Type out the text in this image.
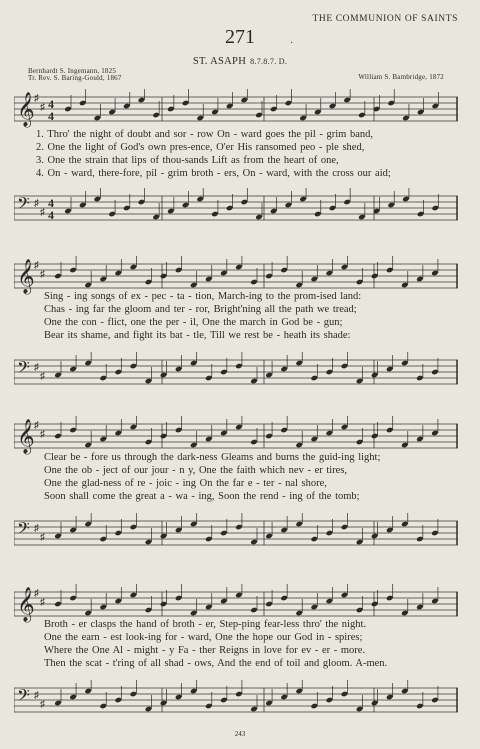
THE COMMUNION OF SAINTS
271	·
ST. ASAPH 8.7.8.7. D.
Bernhardt S. Ingemann, 1825
Tr. Rev. S. Baring-Gould, 1867	William S. Bambridge, 1872
𝄞 ♯
♯ 4
4
1. Thro' the night of doubt and sor - row On - ward goes the pil - grim band,
2. One the light of God's own pres-ence, O'er His ransomed peo - ple shed,
3. One the strain that lips of thou-sands Lift as from the heart of one,
4. On - ward, there-fore, pil - grim broth - ers, On - ward, with the cross our aid;
𝄢 ♯
♯
4
4
𝄞 ♯
♯
Sing - ing songs of ex - pec - ta - tion, March-ing to the prom-ised land:
Chas - ing far the gloom and ter - ror, Bright'ning all the path we tread;
One the con - flict, one the per - il, One the march in God be - gun;
Bear its shame, and fight its bat - tle, Till we rest be - heath its shade:
𝄢 ♯
♯
𝄞 ♯
♯
Clear be - fore us through the dark-ness Gleams and burns the guid-ing light;
One the ob - ject of our jour - n y, One the faith which nev - er tires,
One the glad-ness of re - joic - ing On the far e - ter - nal shore,
Soon shall come the great a - wa - ing, Soon the rend - ing of the tomb;
𝄢 ♯
♯
𝄞 ♯
♯
Broth - er clasps the hand of broth - er, Step-ping fear-less thro' the night.
One the earn - est look-ing for - ward, One the hope our God in - spires;
Where the One Al - might - y Fa - ther Reigns in love for ev - er - more.
Then the scat - t'ring of all shad - ows, And the end of toil and gloom. A-men.
𝄢 ♯
♯
243
